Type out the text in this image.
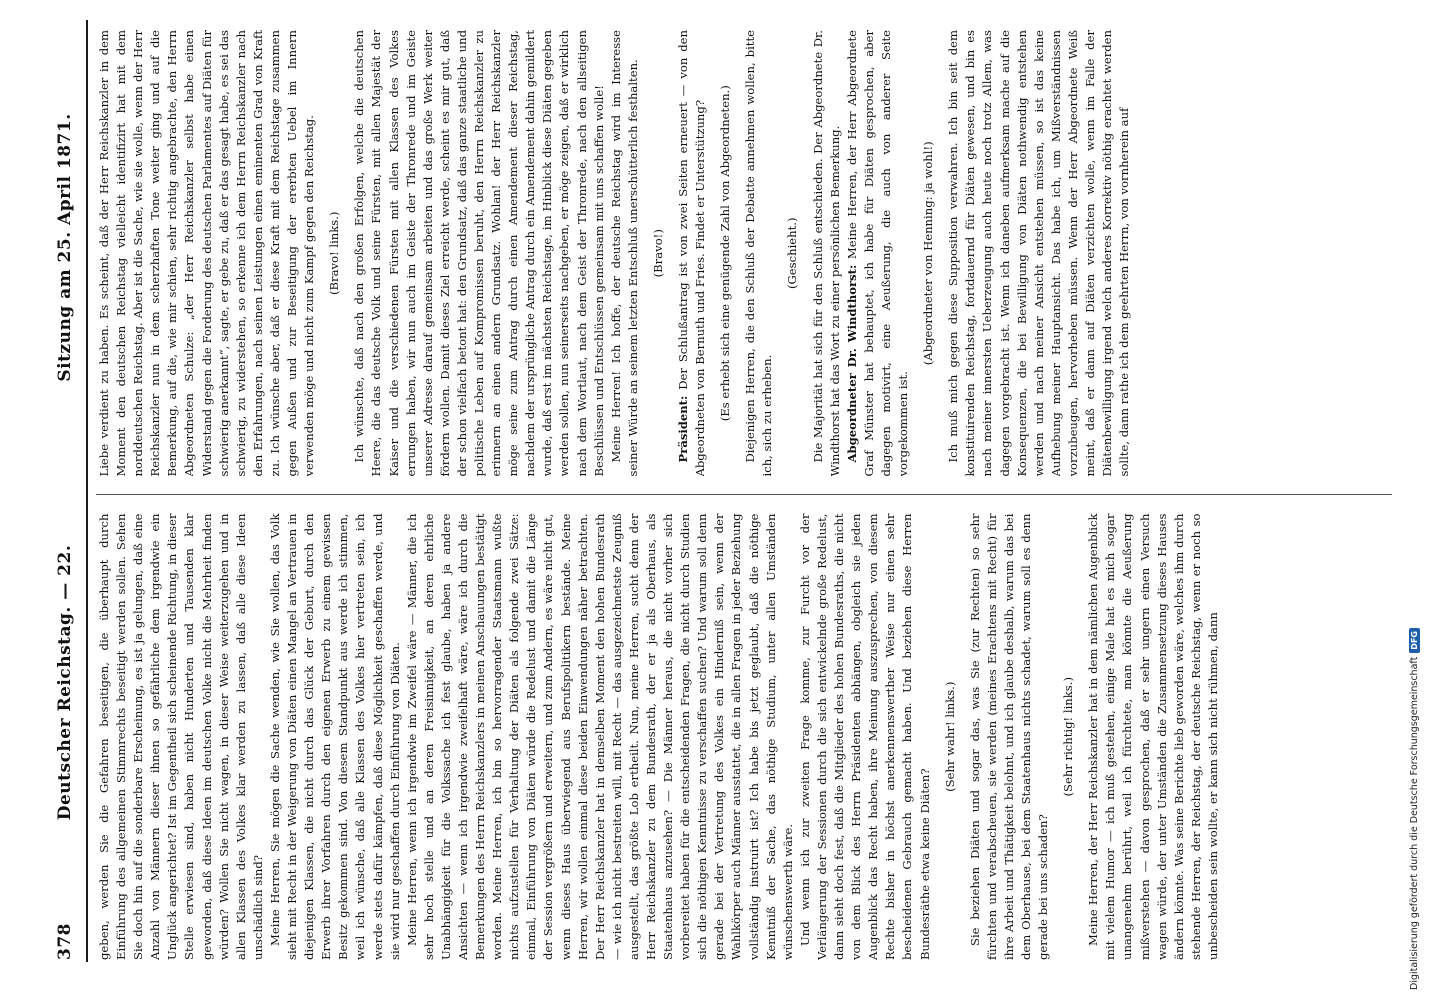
378
Deutscher Reichstag. — 22.
Sitzung am 25. April 1871.

geben, werden Sie die Gefahren beseitigen, die überhaupt durch Einführung des allgemeinen Stimmrechts beseitigt werden sollen. Sehen Sie doch hin auf die sonderbare Erscheinung, es ist ja gelungen, daß eine Anzahl von Männern dieser ihnen so gefährliche dem irgendwie ein Unglück angerichtet? Ist im Gegentheil sich scheinende Richtung, in dieser Stelle erwiesen sind, haben nicht Hunderten und Tausenden klar geworden, daß diese Ideen im deutschen Volke nicht die Mehrheit finden würden? Wollen Sie nicht wagen, in dieser Weise weiterzugehen und in allen Klassen des Volkes klar werden zu lassen, daß alle diese Ideen unschädlich sind? Meine Herren, Sie mögen die Sache wenden, wie Sie wollen, das Volk sieht mit Recht in der Weigerung von Diäten einen Mangel an Vertrauen in diejenigen Klassen, die nicht durch das Glück der Geburt, durch den Erwerb ihrer Vorfahren durch den eigenen Erwerb zu einem gewissen Besitz gekommen sind. Von diesem Standpunkt aus werde ich stimmen, weil ich wünsche, daß alle Klassen des Volkes hier vertreten sein, ich werde stets dafür kämpfen, daß diese Möglichkeit geschaffen werde, und sie wird nur geschaffen durch Einführung von Diäten. Meine Herren, wenn ich irgendwie im Zweifel wäre — Männer, die ich sehr hoch stelle und an deren Freisinnigkeit, an deren ehrliche Unabhängigkeit für die Volkssache ich fest glaube, haben ja andere Ansichten — wenn ich irgendwie zweifelhaft wäre, wäre ich durch die Bemerkungen des Herrn Reichskanzlers in meinen Anschauungen bestätigt worden. Meine Herren, ich bin so hervorragender Staatsmann wußte nichts aufzustellen für Verhaltung der Diäten als folgende zwei Sätze: einmal, Einführung von Diäten würde die Redelust und damit die Länge der Session vergrößern und erweitern, und zum Andern, es wäre nicht gut, wenn dieses Haus überwiegend aus Berufspolitikern bestände. Meine Herren, wir wollen einmal diese beiden Einwendungen näher betrachten. Der Herr Reichskanzler hat in demselben Moment den hohen Bundesrath — wie ich nicht bestreiten will, mit Recht — das ausgezeichnetste Zeugniß ausgestellt, das größte Lob ertheilt. Nun, meine Herren, sucht denn der Herr Reichskanzler zu dem Bundesrath, der er ja als Oberhaus, als Staatenhaus anzusehen? — Die Männer heraus, die nicht vorher sich vorbereitet haben für die entscheidenden Fragen, die nicht durch Studien sich die nöthigen Kenntnisse zu verschaffen suchen? Und warum soll denn gerade bei der Vertretung des Volkes ein Hinderniß sein, wenn der Wahlkörper auch Männer ausstattet, die in allen Fragen in jeder Beziehung vollständig instruirt ist? Ich habe bis jetzt geglaubt, daß die nöthige Kenntniß der Sache, das nöthige Studium, unter allen Umständen wünschenswerth wäre. Und wenn ich zur zweiten Frage komme, zur Furcht vor der Verlängerung der Sessionen durch die sich entwickelnde große Redelust, dann sieht doch fest, daß die Mitglieder des hohen Bundesraths, die nicht von dem Blick des Herrn Präsidenten abhängen, obgleich sie jeden Augenblick das Recht haben, ihre Meinung auszusprechen, von diesem Rechte bisher in höchst anerkennenswerther Weise nur einen sehr bescheidenen Gebrauch gemacht haben. Und beziehen diese Herren Bundesräthe etwa keine Diäten?

(Sehr wahr! links.) Sie beziehen Diäten und sogar das, was Sie (zur Rechten) so sehr fürchten und verabscheuen, sie werden (meines Erachtens mit Recht) für ihre Arbeit und Thätigkeit belohnt, und ich glaube deshalb, warum das bei dem Oberhause, bei dem Staatenhaus nichts schadet, warum soll es denn gerade bei uns schaden?

(Sehr richtig! links.) Meine Herren, der Herr Reichskanzler hat in dem nämlichen Augenblick mit vielem Humor — ich muß gestehen, einige Male hat es mich sogar unangenehm berührt, weil ich fürchtete, man könnte die Aeußerung mißverstehen — davon gesprochen, daß er sehr ungern einen Versuch wagen würde, der unter Umständen die Zusammensetzung dieses Hauses ändern könnte. Was seine Berichte lieb geworden wäre, welches ihm durch stehende Herren, der Reichstag, der deutsche Reichstag, wenn er noch so unbescheiden sein wollte, er kann sich nicht rühmen, dann

Liebe verdient zu haben. Es scheint, daß der Herr Reichskanzler in dem Moment den deutschen Reichstag vielleicht identifizirt hat mit dem norddeutschen Reichstag. Aber ist die Sache, wie sie wolle, wenn der Herr Reichskanzler nun in dem scherzhaften Tone weiter ging und auf die Bemerkung, auf die, wie mir schien, sehr richtig angebrachte, den Herrn Abgeordneten Schulze: „der Herr Reichskanzler selbst habe einen Widerstand gegen die Forderung des deutschen Parlamentes auf Diäten für schwierig anerkannt“, sagte, er gebe zu, daß er das gesagt habe, es sei das schwierig, zu widerstehen, so erkenne ich dem Herrn Reichskanzler nach den Erfahrungen, nach seinen Leistungen einen eminenten Grad von Kraft zu. Ich wünsche aber, daß er diese Kraft mit dem Reichstage zusammen gegen Außen und zur Beseitigung der ererbten Uebel im Innern verwenden möge und nicht zum Kampf gegen den Reichstag. (Bravo! links.) Ich wünschte, daß nach den großen Erfolgen, welche die deutschen Heere, die das deutsche Volk und seine Fürsten, mit allen Majestät der Kaiser und die verschiedenen Fürsten mit allen Klassen des Volkes errungen haben, wir nun auch im Geiste der Thronrede und im Geiste unserer Adresse darauf gemeinsam arbeiten und das große Werk weiter fördern wollen. Damit dieses Ziel erreicht werde, scheint es mir gut, daß der schon vielfach betont hat: den Grundsatz, daß das ganze staatliche und politische Leben auf Kompromissen beruht, den Herrn Reichskanzler zu erinnern an einen andern Grundsatz. Wohlan! der Herr Reichskanzler möge seine zum Antrag durch einen Amendement dieser Reichstag, nachdem der ursprüngliche Antrag durch ein Amendement dahin gemildert wurde, daß erst im nächsten Reichstage, im Hinblick diese Diäten gegeben werden sollen, nun seinerseits nachgeben, er möge zeigen, daß er wirklich nach dem Wortlaut, nach dem Geist der Thronrede, nach den allseitigen Beschlüssen und Entschlüssen gemeinsam mit uns schaffen wolle! Meine Herren! Ich hoffe, der deutsche Reichstag wird im Interesse seiner Würde an seinem letzten Entschluß unerschütterlich festhalten. (Bravo!)

Präsident: Der Schlußantrag ist von zwei Seiten erneuert — von den Abgeordneten von Bernuth und Fries. Findet er Unterstützung? (Es erhebt sich eine genügende Zahl von Abgeordneten.) Diejenigen Herren, die den Schluß der Debatte annehmen wollen, bitte ich, sich zu erheben.

(Geschieht.) Die Majorität hat sich für den Schluß entschieden. Der Abgeordnete Dr. Windthorst hat das Wort zu einer persönlichen Bemerkung. Abgeordneter Dr. Windthorst: Meine Herren, der Herr Abgeordnete Graf Münster hat behauptet, ich habe für Diäten gesprochen, aber dagegen motivirt, eine Aeußerung, die auch von anderer Seite vorgekommen ist.

(Abgeordneter von Henning: ja wohl!) Ich muß mich gegen diese Supposition verwahren. Ich bin seit dem konstituirenden Reichstag, fortdauernd für Diäten gewesen, und bin es nach meiner innersten Ueberzeugung auch heute noch trotz Allem, was dagegen vorgebracht ist. Wenn ich daneben aufmerksam mache auf die Konsequenzen, die bei Bewilligung von Diäten nothwendig entstehen werden und nach meiner Ansicht entstehen müssen, so ist das keine Aufhebung meiner Hauptansicht. Das habe ich, um Mißverständnissen vorzubeugen, hervorheben müssen. Wenn der Herr Abgeordnete Weiß meint, daß er dann auf Diäten verzichten wolle, wenn im Falle der Diätenbewilligung irgend welch anderes Korrektiv nöthig erachtet werden sollte, dann rathe ich dem geehrten Herrn, von vornherein auf

Digitalisierung gefördert durch die Deutsche Forschungsgemeinschaft
DFG
